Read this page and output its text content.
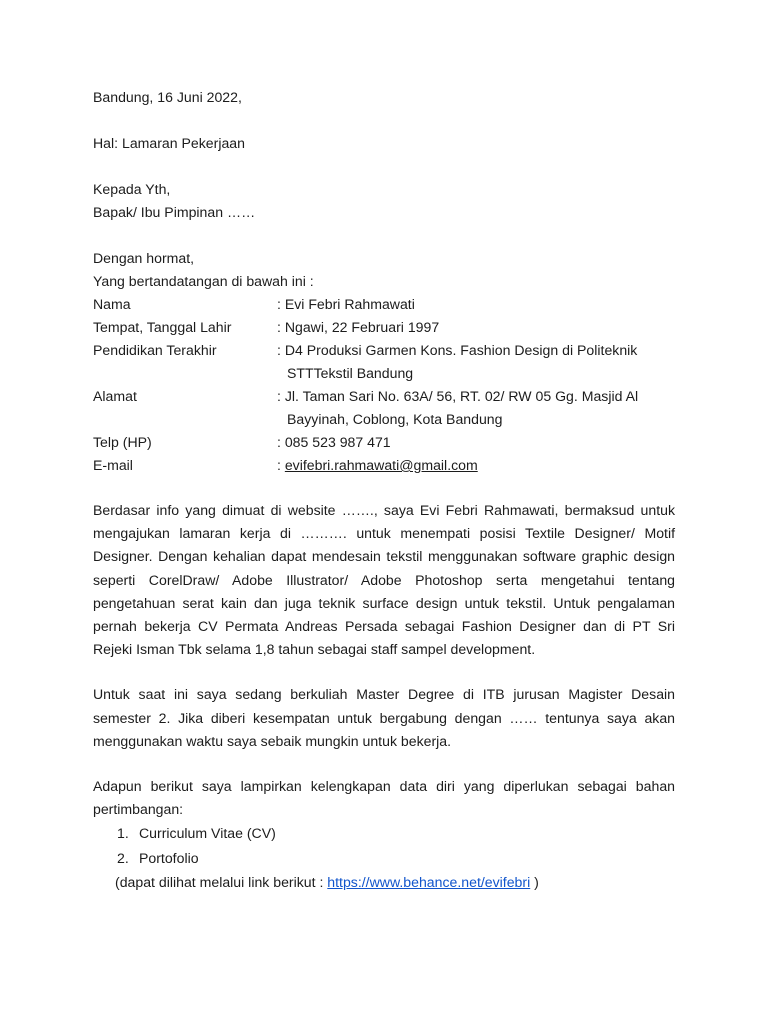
Bandung, 16 Juni 2022,
Hal: Lamaran Pekerjaan
Kepada Yth,
Bapak/ Ibu Pimpinan ……
Dengan hormat,
Yang bertandatangan di bawah ini :
Nama	: Evi Febri Rahmawati
Tempat, Tanggal Lahir	: Ngawi, 22 Februari 1997
Pendidikan Terakhir	: D4 Produksi Garmen Kons. Fashion Design di Politeknik
STTTekstil Bandung
Alamat	: Jl. Taman Sari No. 63A/ 56, RT. 02/ RW 05 Gg. Masjid Al
Bayyinah, Coblong, Kota Bandung
Telp (HP)	: 085 523 987 471
E-mail	: evifebri.rahmawati@gmail.com
Berdasar info yang dimuat di website ……., saya Evi Febri Rahmawati, bermaksud untuk
mengajukan lamaran kerja di ………. untuk menempati posisi Textile Designer/ Motif
Designer. Dengan kehalian dapat mendesain tekstil menggunakan software graphic design
seperti CorelDraw/ Adobe Illustrator/ Adobe Photoshop serta mengetahui tentang
pengetahuan serat kain dan juga teknik surface design untuk tekstil. Untuk pengalaman
pernah bekerja CV Permata Andreas Persada sebagai Fashion Designer dan di PT Sri
Rejeki Isman Tbk selama 1,8 tahun sebagai staff sampel development.
Untuk saat ini saya sedang berkuliah Master Degree di ITB jurusan Magister Desain
semester 2. Jika diberi kesempatan untuk bergabung dengan …… tentunya saya akan
menggunakan waktu saya sebaik mungkin untuk bekerja.
Adapun berikut saya lampirkan kelengkapan data diri yang diperlukan sebagai bahan
pertimbangan:
1. Curriculum Vitae (CV)
2. Portofolio
(dapat dilihat melalui link berikut : https://www.behance.net/evifebri )
